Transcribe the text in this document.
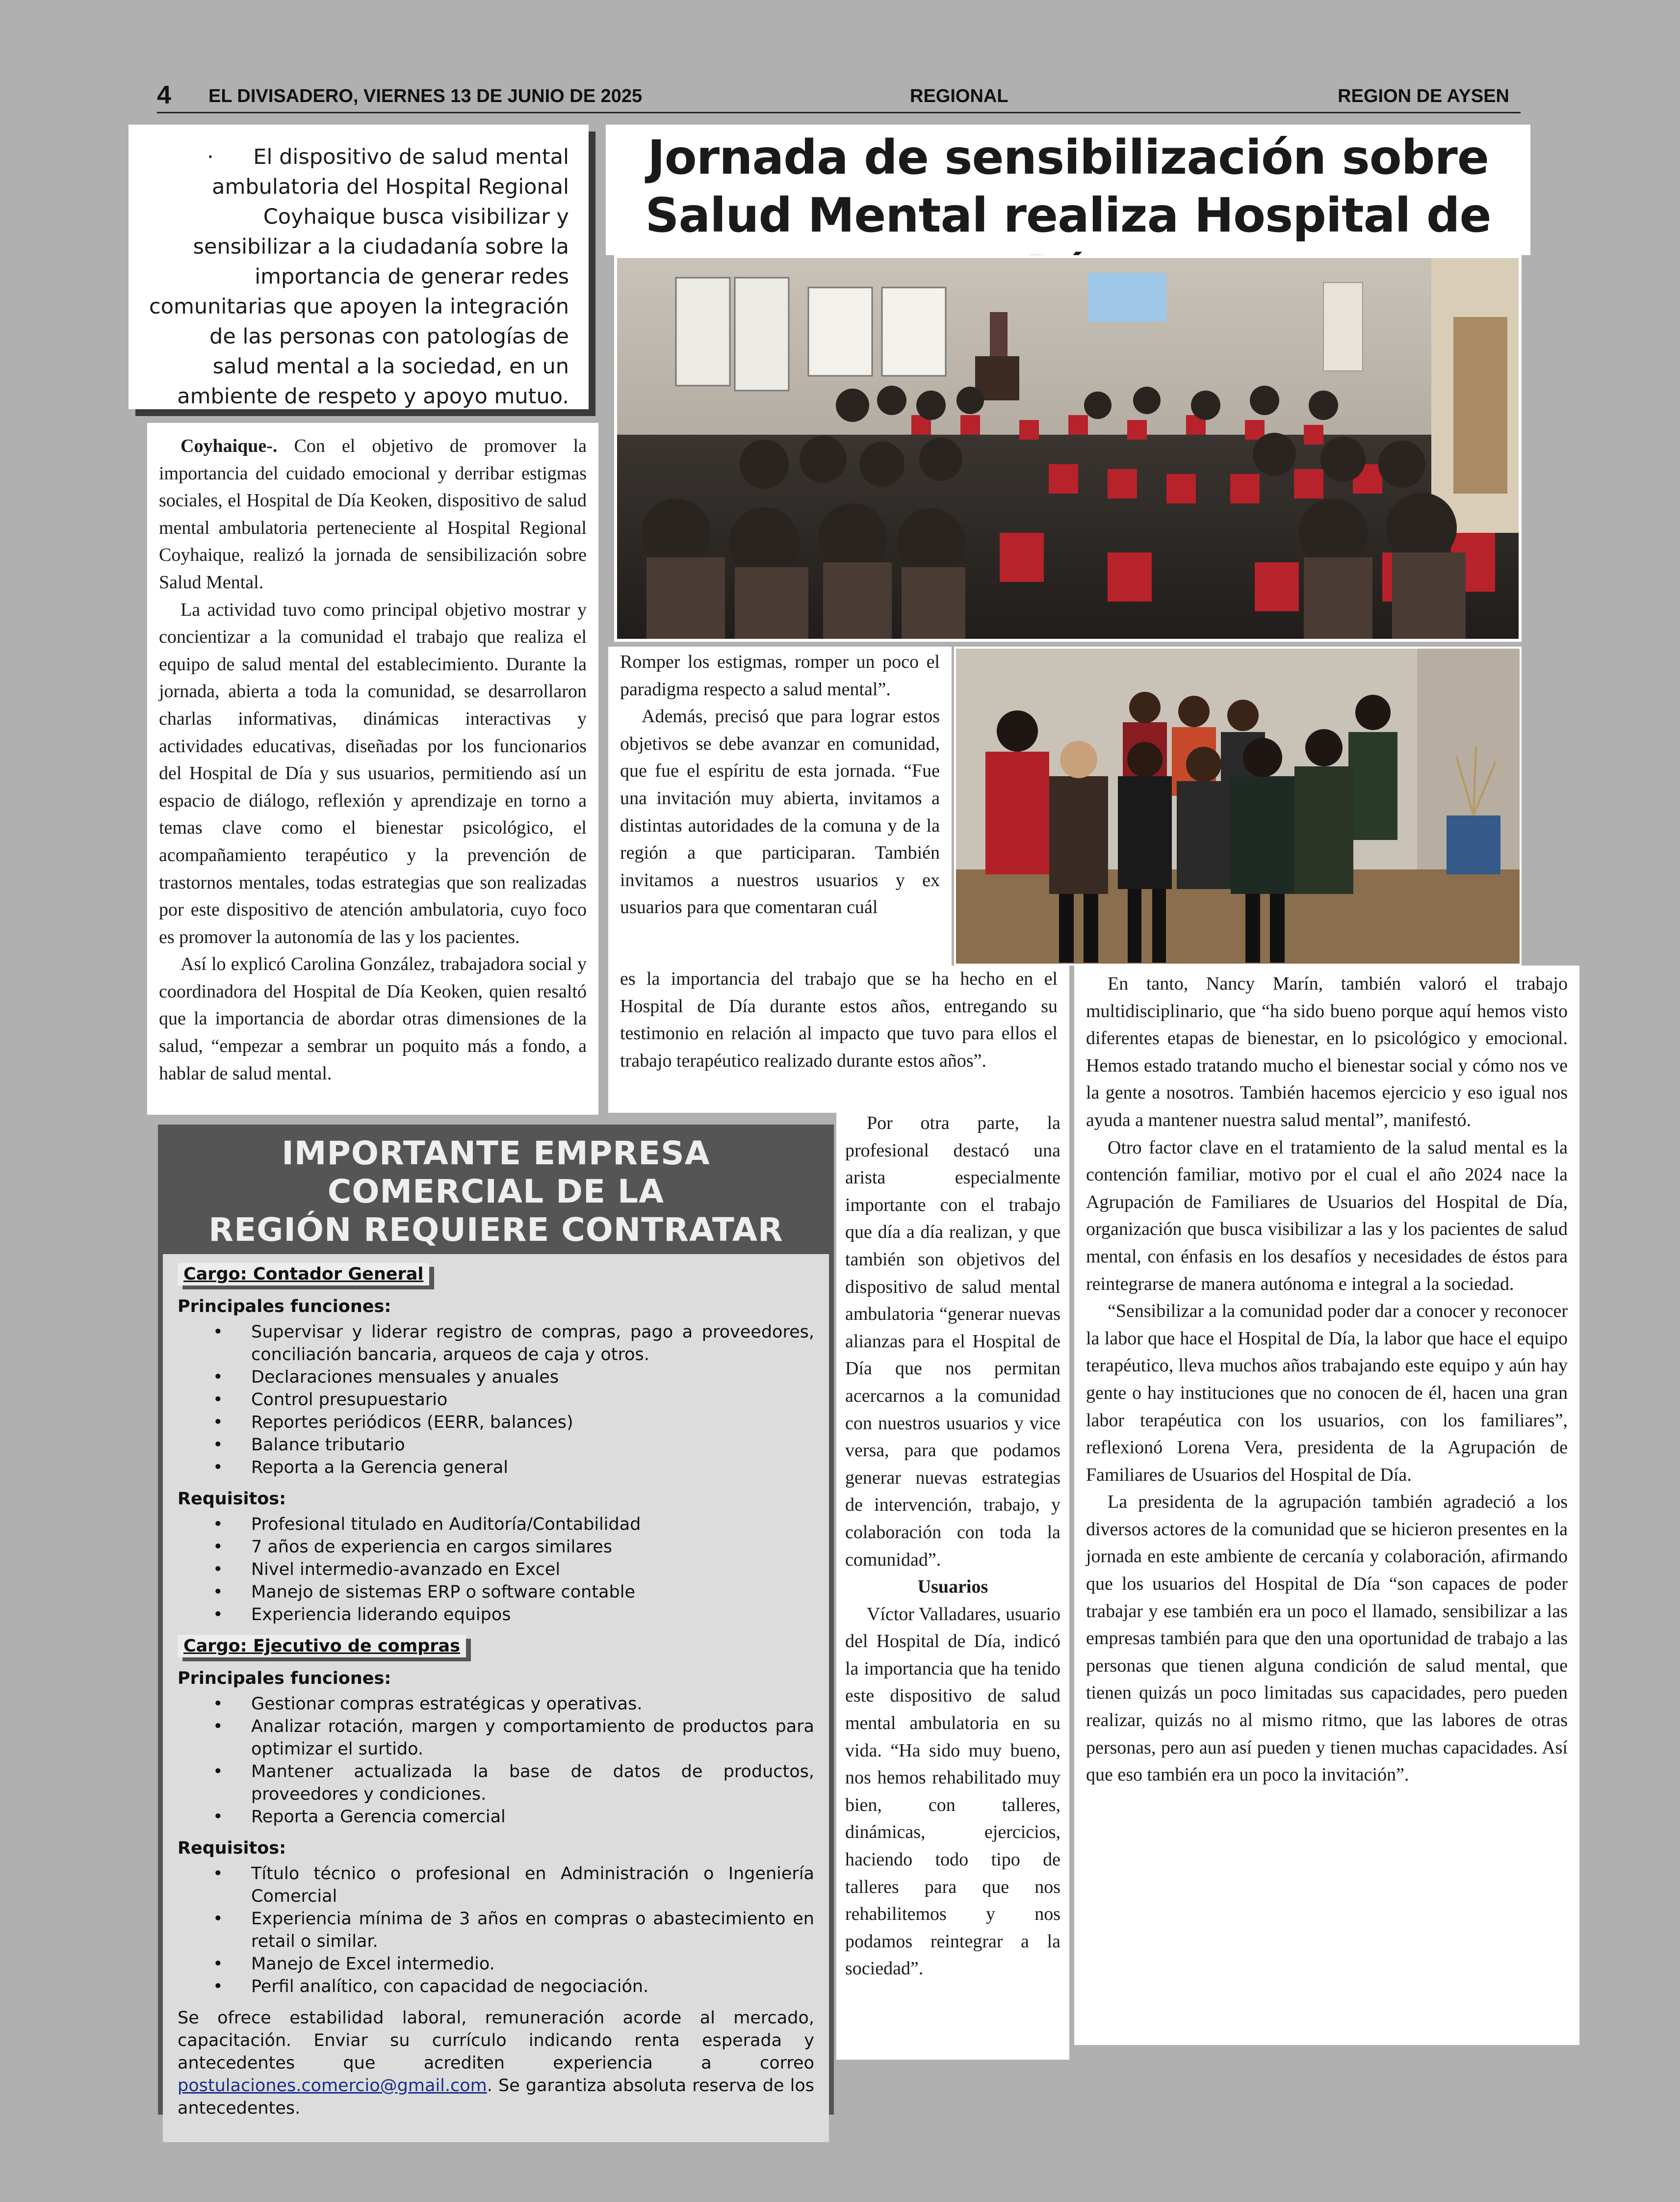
4 EL DIVISADERO, VIERNES 13 DE JUNIO DE 2025	REGIONAL	REGION DE AYSEN
· El dispositivo de salud mental ambulatoria del Hospital Regional Coyhaique busca visibilizar y sensibilizar a la ciudadanía sobre la importancia de generar redes comunitarias que apoyen la integración de las personas con patologías de salud mental a la sociedad, en un ambiente de respeto y apoyo mutuo.
Jornada de sensibilización sobre
Salud Mental realiza Hospital de

Coyhaique-. Con el objetivo de promover la importancia del cuidado emocional y derribar estigmas sociales, el Hospital de Día Keoken, dispositivo de salud mental ambulatoria perteneciente al Hospital Regional Coyhaique, realizó la jornada de sensibilización sobre Salud Mental.

La actividad tuvo como principal objetivo mostrar y concientizar a la comunidad el trabajo que realiza el equipo de salud mental del establecimiento. Durante la jornada, abierta a toda la comunidad, se desarrollaron charlas informativas, dinámicas interactivas y actividades educativas, diseñadas por los funcionarios del Hospital de Día y sus usuarios, permitiendo así un espacio de diálogo, reflexión y aprendizaje en torno a temas clave como el bienestar psicológico, el acompañamiento terapéutico y la prevención de trastornos mentales, todas estrategias que son realizadas por este dispositivo de atención ambulatoria, cuyo foco es promover la autonomía de las y los pacientes.

Así lo explicó Carolina González, trabajadora social y coordinadora del Hospital de Día Keoken, quien resaltó que la importancia de abordar otras dimensiones de la salud, “empezar a sembrar un poquito más a fondo, a hablar de salud mental.

Romper los estigmas, romper un poco el paradigma respecto a salud mental”.

Además, precisó que para lograr estos objetivos se debe avanzar en comunidad, que fue el espíritu de esta jornada. “Fue una invitación muy abierta, invitamos a distintas autoridades de la comuna y de la región a que participaran. También invitamos a nuestros usuarios y ex usuarios para que comentaran cuál

es la importancia del trabajo que se ha hecho en el Hospital de Día durante estos años, entregando su testimonio en relación al impacto que tuvo para ellos el trabajo terapéutico realizado durante estos años”.

Por otra parte, la profesional destacó una arista especialmente importante con el trabajo que día a día realizan, y que también son objetivos del dispositivo de salud mental ambulatoria “generar nuevas alianzas para el Hospital de Día que nos permitan acercarnos a la comunidad con nuestros usuarios y vice versa, para que podamos generar nuevas estrategias de intervención, trabajo, y colaboración con toda la comunidad”.

Usuarios

Víctor Valladares, usuario del Hospital de Día, indicó la importancia que ha tenido este dispositivo de salud mental ambulatoria en su vida. “Ha sido muy bueno, nos hemos rehabilitado muy bien, con talleres, dinámicas, ejercicios, haciendo todo tipo de talleres para que nos rehabilitemos y nos podamos reintegrar a la sociedad”.

En tanto, Nancy Marín, también valoró el trabajo multidisciplinario, que “ha sido bueno porque aquí hemos visto diferentes etapas de bienestar, en lo psicológico y emocional. Hemos estado tratando mucho el bienestar social y cómo nos ve la gente a nosotros. También hacemos ejercicio y eso igual nos ayuda a mantener nuestra salud mental”, manifestó.

Otro factor clave en el tratamiento de la salud mental es la contención familiar, motivo por el cual el año 2024 nace la Agrupación de Familiares de Usuarios del Hospital de Día, organización que busca visibilizar a las y los pacientes de salud mental, con énfasis en los desafíos y necesidades de éstos para reintegrarse de manera autónoma e integral a la sociedad.

“Sensibilizar a la comunidad poder dar a conocer y reconocer la labor que hace el Hospital de Día, la labor que hace el equipo terapéutico, lleva muchos años trabajando este equipo y aún hay gente o hay instituciones que no conocen de él, hacen una gran labor terapéutica con los usuarios, con los familiares”, reflexionó Lorena Vera, presidenta de la Agrupación de Familiares de Usuarios del Hospital de Día.

La presidenta de la agrupación también agradeció a los diversos actores de la comunidad que se hicieron presentes en la jornada en este ambiente de cercanía y colaboración, afirmando que los usuarios del Hospital de Día “son capaces de poder trabajar y ese también era un poco el llamado, sensibilizar a las empresas también para que den una oportunidad de trabajo a las personas que tienen alguna condición de salud mental, que tienen quizás un poco limitadas sus capacidades, pero pueden realizar, quizás no al mismo ritmo, que las labores de otras personas, pero aun así pueden y tienen muchas capacidades. Así que eso también era un poco la invitación”.

IMPORTANTE EMPRESA COMERCIAL DE LA
REGIÓN REQUIERE CONTRATAR
Cargo: Contador General
Principales funciones:
• Supervisar y liderar registro de compras, pago a proveedores, conciliación bancaria, arqueos de caja y otros.
• Declaraciones mensuales y anuales
• Control presupuestario
• Reportes periódicos (EERR, balances)
• Balance tributario
• Reporta a la Gerencia general
Requisitos:
• Profesional titulado en Auditoría/Contabilidad
• 7 años de experiencia en cargos similares
• Nivel intermedio-avanzado en Excel
• Manejo de sistemas ERP o software contable
• Experiencia liderando equipos
Cargo: Ejecutivo de compras
Principales funciones:
• Gestionar compras estratégicas y operativas.
• Analizar rotación, margen y comportamiento de productos para optimizar el surtido.
• Mantener actualizada la base de datos de productos, proveedores y condiciones.
• Reporta a Gerencia comercial
Requisitos:
• Título técnico o profesional en Administración o Ingeniería Comercial
• Experiencia mínima de 3 años en compras o abastecimiento en retail o similar.
• Manejo de Excel intermedio.
• Perfil analítico, con capacidad de negociación.
Se ofrece estabilidad laboral, remuneración acorde al mercado, capacitación. Enviar su currículo indicando renta esperada y antecedentes que acrediten experiencia a correo postulaciones.comercio@gmail.com. Se garantiza absoluta reserva de los antecedentes.
